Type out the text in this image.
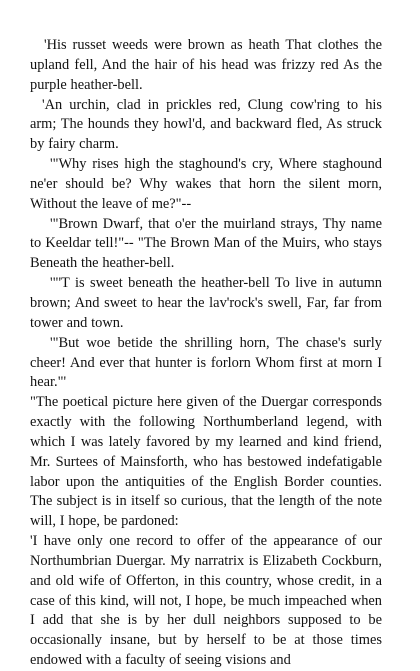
'His russet weeds were brown as heath That clothes the upland fell, And the hair of his head was frizzy red As the purple heather-bell.

'An urchin, clad in prickles red, Clung cow'ring to his arm; The hounds they howl'd, and backward fled, As struck by fairy charm.

'"Why rises high the staghound's cry, Where staghound ne'er should be? Why wakes that horn the silent morn, Without the leave of me?"--

'"Brown Dwarf, that o'er the muirland strays, Thy name to Keeldar tell!"-- "The Brown Man of the Muirs, who stays Beneath the heather-bell.

'"'T is sweet beneath the heather-bell To live in autumn brown; And sweet to hear the lav'rock's swell, Far, far from tower and town.

'"But woe betide the shrilling horn, The chase's surly cheer! And ever that hunter is forlorn Whom first at morn I hear."'

"The poetical picture here given of the Duergar corresponds exactly with the following Northumberland legend, with which I was lately favored by my learned and kind friend, Mr. Surtees of Mainsforth, who has bestowed indefatigable labor upon the antiquities of the English Border counties. The subject is in itself so curious, that the length of the note will, I hope, be pardoned:

'I have only one record to offer of the appearance of our Northumbrian Duergar. My narratrix is Elizabeth Cockburn, and old wife of Offerton, in this country, whose credit, in a case of this kind, will not, I hope, be much impeached when I add that she is by her dull neighbors supposed to be occasionally insane, but by herself to be at those times endowed with a faculty of seeing visions and
